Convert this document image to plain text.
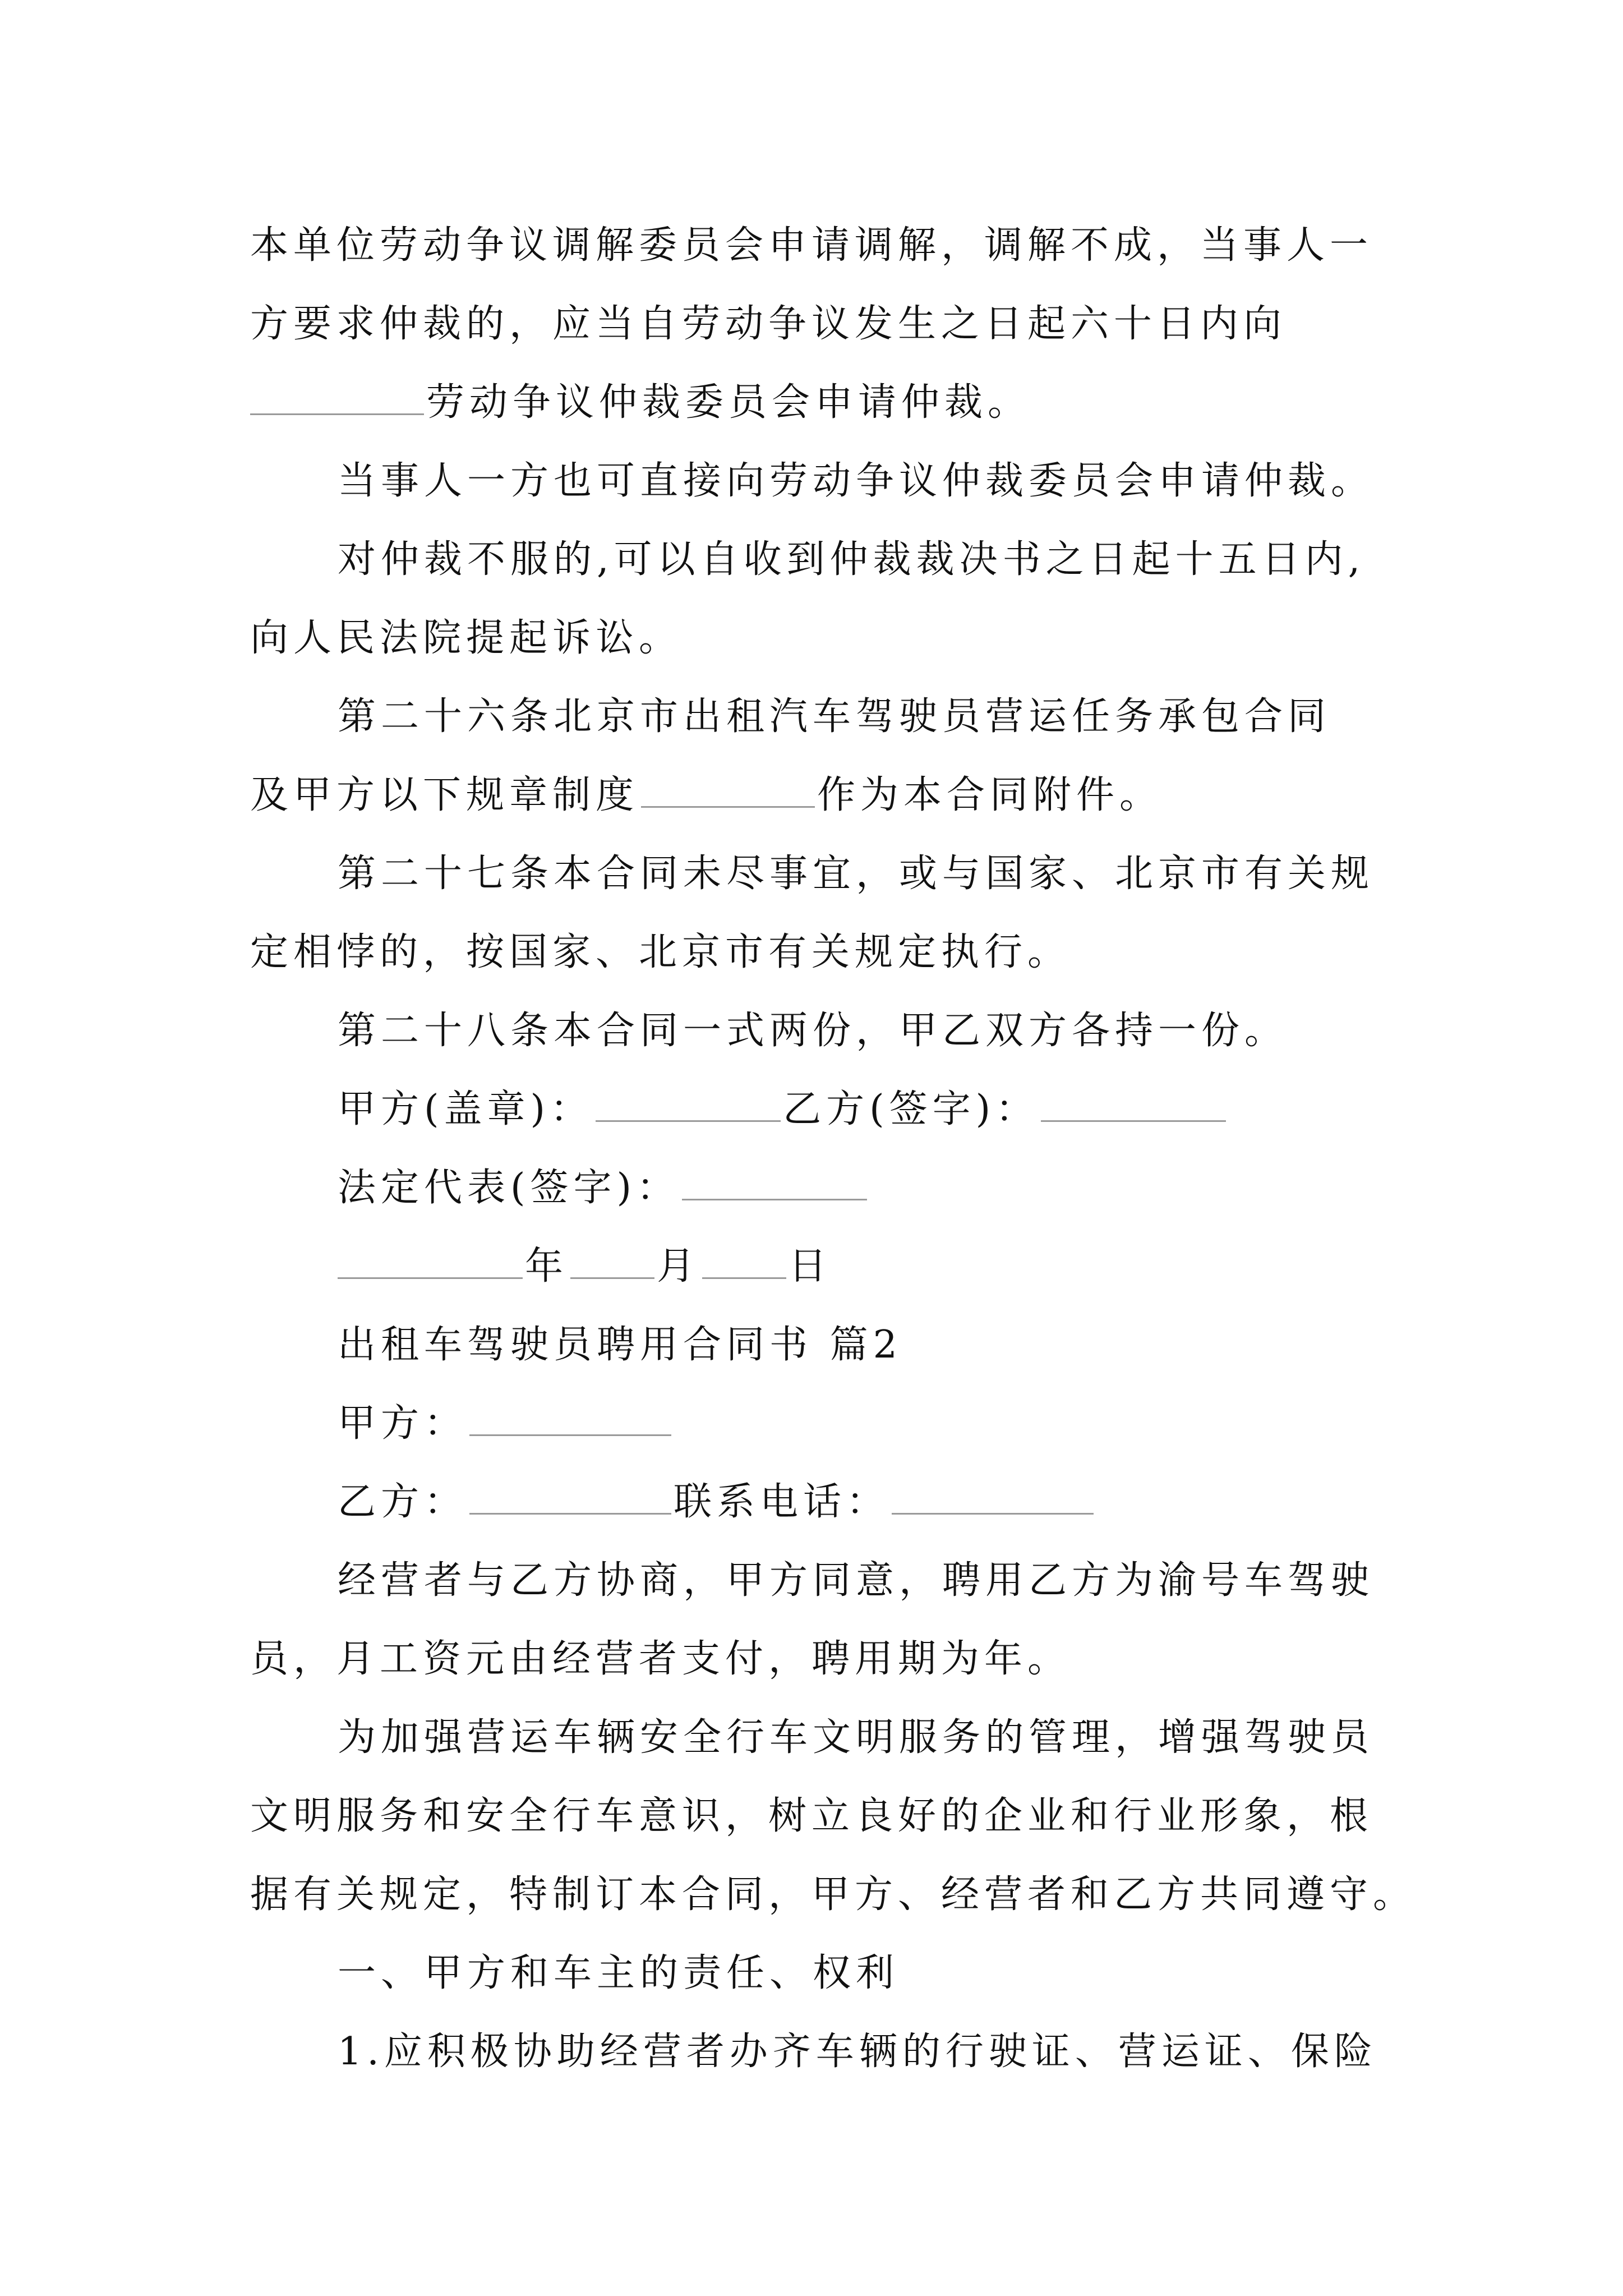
本单位劳动争议调解委员会申请调解，调解不成，当事人一
方要求仲裁的，应当自劳动争议发生之日起六十日内向
劳动争议仲裁委员会申请仲裁。
当事人一方也可直接向劳动争议仲裁委员会申请仲裁。
对仲裁不服的,可以自收到仲裁裁决书之日起十五日内,
向人民法院提起诉讼。
第二十六条北京市出租汽车驾驶员营运任务承包合同
及甲方以下规章制度	作为本合同附件。
第二十七条本合同未尽事宜，或与国家、北京市有关规
定相悖的，按国家、北京市有关规定执行。
第二十八条本合同一式两份，甲乙双方各持一份。
甲方(盖章)：	乙方(签字)：
法定代表(签字)：
年 月 日
出租车驾驶员聘用合同书 篇2
甲方：
乙方：	联系电话：
经营者与乙方协商，甲方同意，聘用乙方为渝号车驾驶
员，月工资元由经营者支付，聘用期为年。
为加强营运车辆安全行车文明服务的管理，增强驾驶员
文明服务和安全行车意识，树立良好的企业和行业形象，根
据有关规定，特制订本合同，甲方、经营者和乙方共同遵守。
一、甲方和车主的责任、权利
1.应积极协助经营者办齐车辆的行驶证、营运证、保险
